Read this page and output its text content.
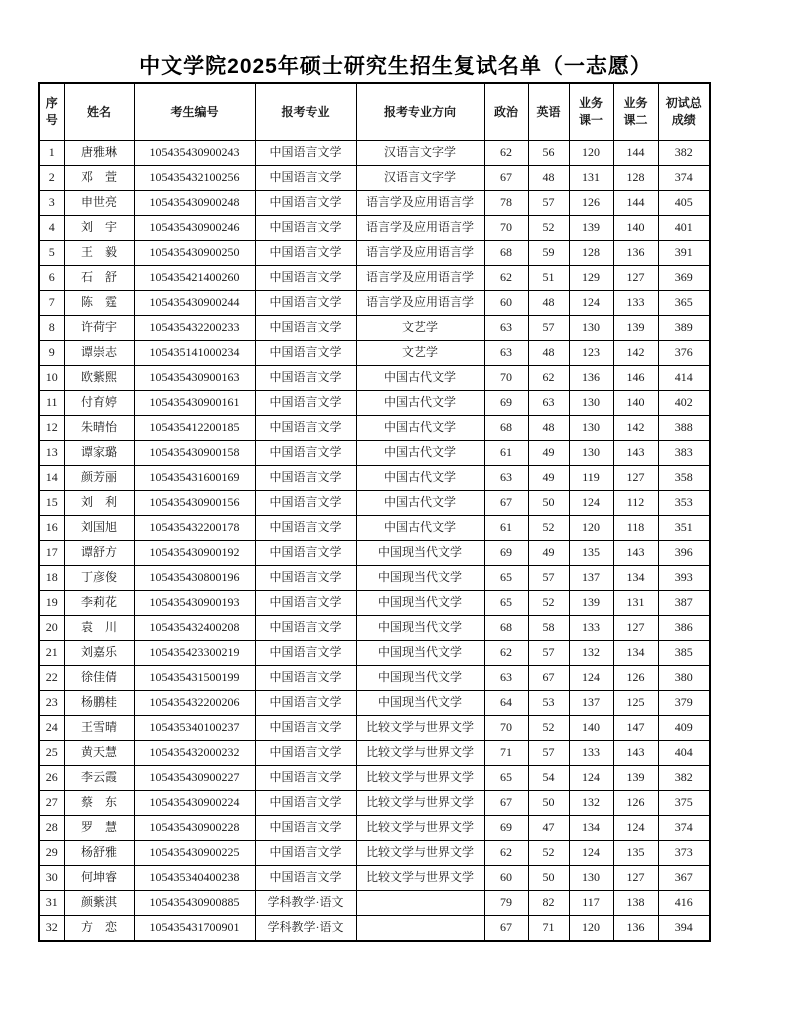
中文学院2025年硕士研究生招生复试名单（一志愿）
序号	姓名	考生编号	报考专业	报考专业方向	政治	英语	业务课一	业务课二	初试总成绩
1	唐雅琳	105435430900243	中国语言文学	汉语言文字学	62	56	120	144	382
2	邓　萱	105435432100256	中国语言文学	汉语言文字学	67	48	131	128	374
3	申世亮	105435430900248	中国语言文学	语言学及应用语言学	78	57	126	144	405
4	刘　宇	105435430900246	中国语言文学	语言学及应用语言学	70	52	139	140	401
5	王　毅	105435430900250	中国语言文学	语言学及应用语言学	68	59	128	136	391
6	石　舒	105435421400260	中国语言文学	语言学及应用语言学	62	51	129	127	369
7	陈　霆	105435430900244	中国语言文学	语言学及应用语言学	60	48	124	133	365
8	许荷宇	105435432200233	中国语言文学	文艺学	63	57	130	139	389
9	谭崇志	105435141000234	中国语言文学	文艺学	63	48	123	142	376
10	欧紫熙	105435430900163	中国语言文学	中国古代文学	70	62	136	146	414
11	付育婷	105435430900161	中国语言文学	中国古代文学	69	63	130	140	402
12	朱晴怡	105435412200185	中国语言文学	中国古代文学	68	48	130	142	388
13	谭家璐	105435430900158	中国语言文学	中国古代文学	61	49	130	143	383
14	颜芳丽	105435431600169	中国语言文学	中国古代文学	63	49	119	127	358
15	刘　利	105435430900156	中国语言文学	中国古代文学	67	50	124	112	353
16	刘国旭	105435432200178	中国语言文学	中国古代文学	61	52	120	118	351
17	谭舒方	105435430900192	中国语言文学	中国现当代文学	69	49	135	143	396
18	丁彦俊	105435430800196	中国语言文学	中国现当代文学	65	57	137	134	393
19	李莉花	105435430900193	中国语言文学	中国现当代文学	65	52	139	131	387
20	袁　川	105435432400208	中国语言文学	中国现当代文学	68	58	133	127	386
21	刘嘉乐	105435423300219	中国语言文学	中国现当代文学	62	57	132	134	385
22	徐佳倩	105435431500199	中国语言文学	中国现当代文学	63	67	124	126	380
23	杨鹏桂	105435432200206	中国语言文学	中国现当代文学	64	53	137	125	379
24	王雪晴	105435340100237	中国语言文学	比较文学与世界文学	70	52	140	147	409
25	黄天慧	105435432000232	中国语言文学	比较文学与世界文学	71	57	133	143	404
26	李云霞	105435430900227	中国语言文学	比较文学与世界文学	65	54	124	139	382
27	蔡　东	105435430900224	中国语言文学	比较文学与世界文学	67	50	132	126	375
28	罗　慧	105435430900228	中国语言文学	比较文学与世界文学	69	47	134	124	374
29	杨舒雅	105435430900225	中国语言文学	比较文学与世界文学	62	52	124	135	373
30	何坤睿	105435340400238	中国语言文学	比较文学与世界文学	60	50	130	127	367
31	颜紫淇	105435430900885	学科教学·语文		79	82	117	138	416
32	方　恋	105435431700901	学科教学·语文		67	71	120	136	394
